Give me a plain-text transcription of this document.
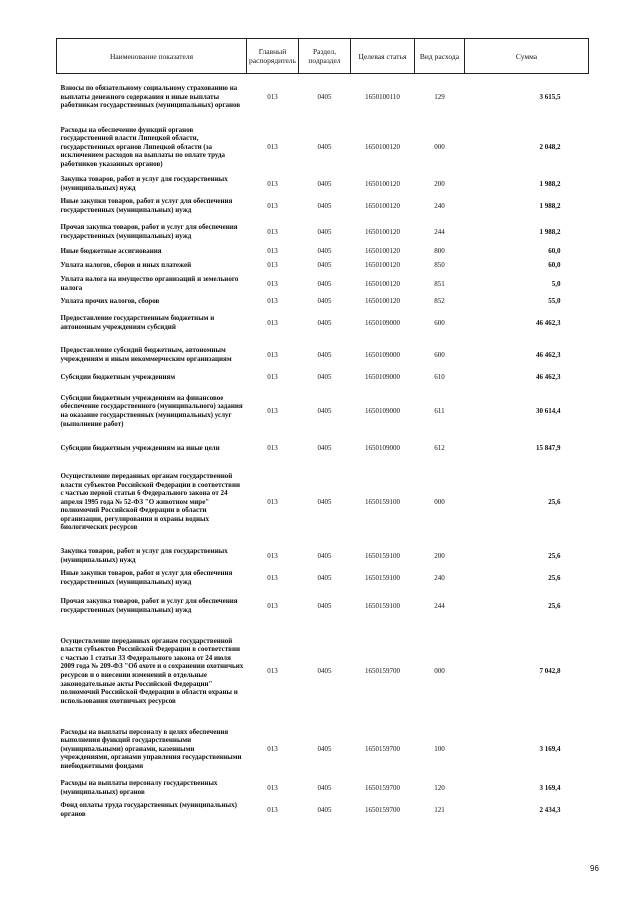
Наименование показателя	Главный распорядитель	Раздел, подраздел	Целевая статья	Вид расхода	Сумма
Взносы по обязательному социальному страхованию на выплаты денежного содержания и иные выплаты работникам государственных (муниципальных) органов	013	0405	1650100110	129	3 615,5
Расходы на обеспечение функций органов государственной власти Липецкой области, государственных органов Липецкой области (за исключением расходов на выплаты по оплате труда работников указанных органов)	013	0405	1650100120	000	2 048,2
Закупка товаров, работ и услуг для государственных (муниципальных) нужд	013	0405	1650100120	200	1 988,2
Иные закупки товаров, работ и услуг для обеспечения государственных (муниципальных) нужд	013	0405	1650100120	240	1 988,2
Прочая закупка товаров, работ и услуг для обеспечения государственных (муниципальных) нужд	013	0405	1650100120	244	1 988,2
Иные бюджетные ассигнования	013	0405	1650100120	800	60,0
Уплата налогов, сборов и иных платежей	013	0405	1650100120	850	60,0
Уплата налога на имущество организаций и земельного налога	013	0405	1650100120	851	5,0
Уплата прочих налогов, сборов	013	0405	1650100120	852	55,0
Предоставление государственным бюджетным и автономным учреждениям субсидий	013	0405	1650109000	600	46 462,3
Предоставление субсидий бюджетным, автономным учреждениям и иным некоммерческим организациям	013	0405	1650109000	600	46 462,3
Субсидии бюджетным учреждениям	013	0405	1650109000	610	46 462,3
Субсидии бюджетным учреждениям на финансовое обеспечение государственного (муниципального) задания на оказание государственных (муниципальных) услуг (выполнение работ)	013	0405	1650109000	611	30 614,4
Субсидии бюджетным учреждениям на иные цели	013	0405	1650109000	612	15 847,9
Осуществление переданных органам государственной власти субъектов Российской Федерации в соответствии с частью первой статьи 6 Федерального закона от 24 апреля 1995 года № 52-ФЗ "О животном мире" полномочий Российской Федерации в области организации, регулирования и охраны водных биологических ресурсов	013	0405	1650159100	000	25,6
Закупка товаров, работ и услуг для государственных (муниципальных) нужд	013	0405	1650159100	200	25,6
Иные закупки товаров, работ и услуг для обеспечения государственных (муниципальных) нужд	013	0405	1650159100	240	25,6
Прочая закупка товаров, работ и услуг для обеспечения государственных (муниципальных) нужд	013	0405	1650159100	244	25,6
Осуществление переданных органам государственной власти субъектов Российской Федерации в соответствии с частью 1 статьи 33 Федерального закона от 24 июля 2009 года № 209-ФЗ "Об охоте и о сохранении охотничьих ресурсов и о внесении изменений в отдельные законодательные акты Российской Федерации" полномочий Российской Федерации в области охраны и использования охотничьих ресурсов	013	0405	1650159700	000	7 042,8
Расходы на выплаты персоналу в целях обеспечения выполнения функций государственными (муниципальными) органами, казенными учреждениями, органами управления государственными внебюджетными фондами	013	0405	1650159700	100	3 169,4
Расходы на выплаты персоналу государственных (муниципальных) органов	013	0405	1650159700	120	3 169,4
Фонд оплаты труда государственных (муниципальных) органов	013	0405	1650159700	121	2 434,3
96
